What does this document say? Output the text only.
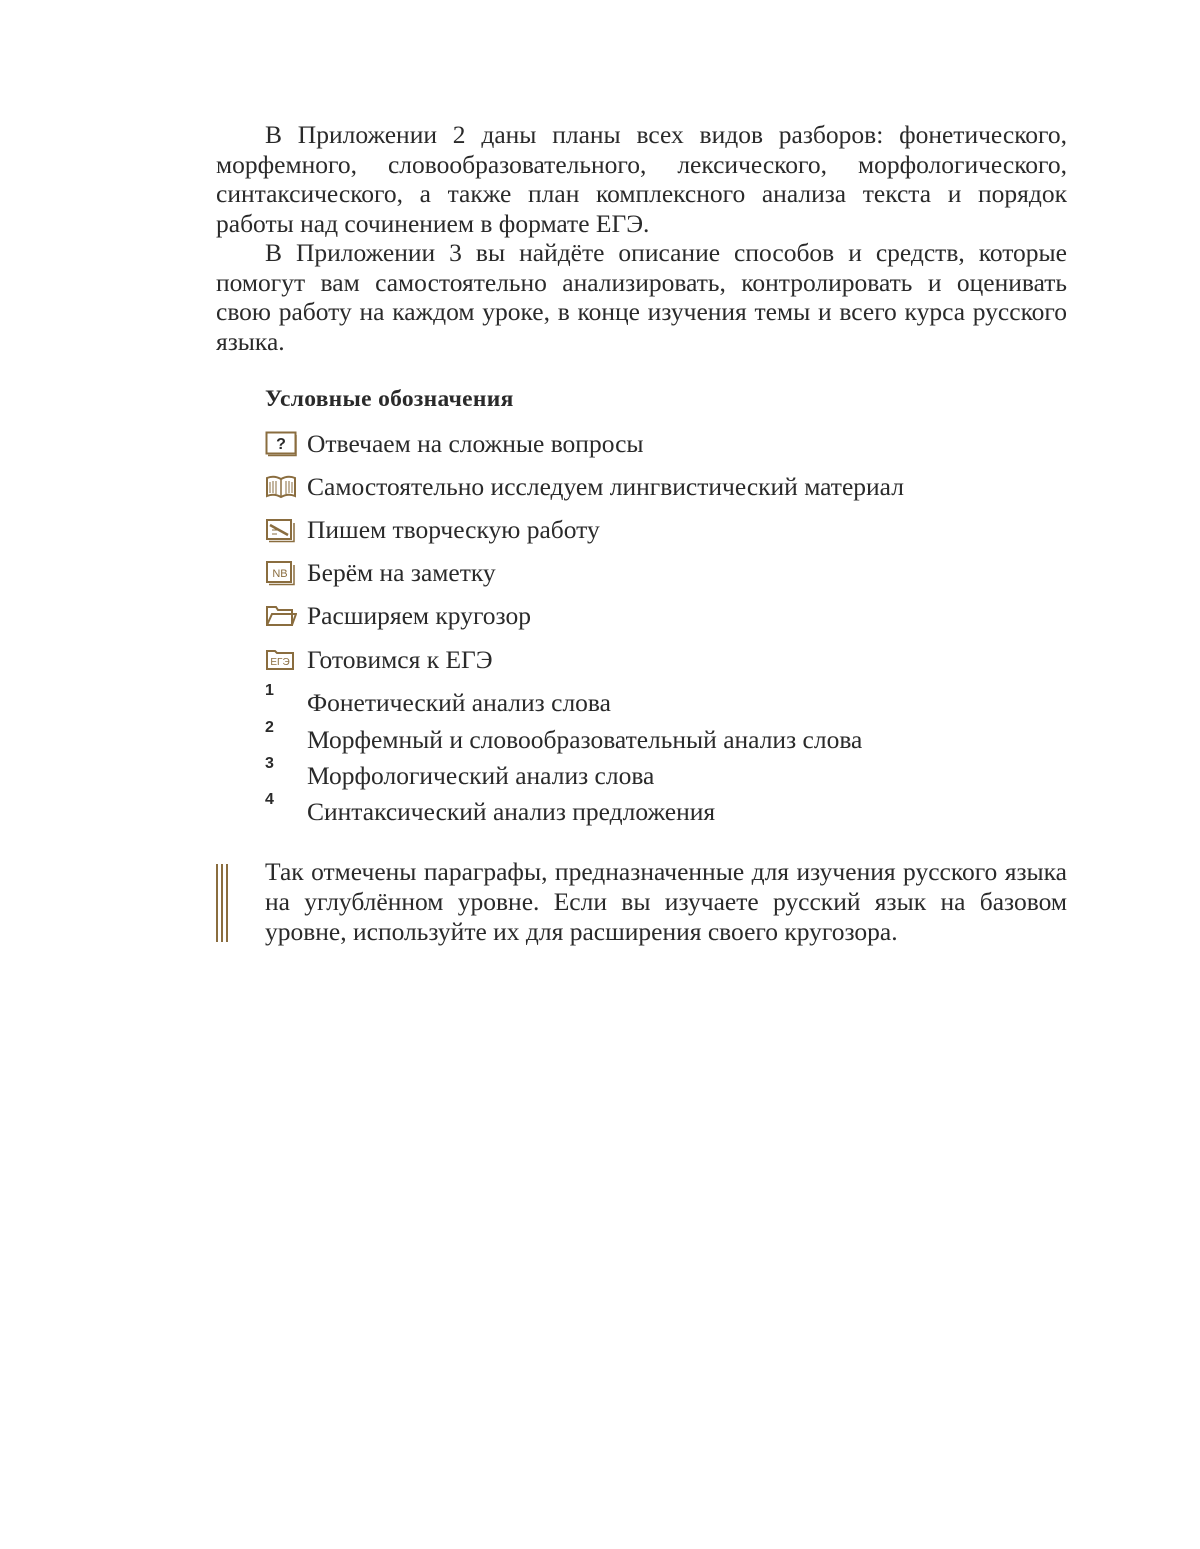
В Приложении 2 даны планы всех видов разборов: фонетического, морфемного, словообразовательного, лексического, морфологического, синтаксического, а также план комплексного анализа текста и порядок работы над сочинением в формате ЕГЭ.

В Приложении 3 вы найдёте описание способов и средств, которые помогут вам самостоятельно анализировать, контролировать и оценивать свою работу на каждом уроке, в конце изучения темы и всего курса русского языка.

Условные обозначения
? Отвечаем на сложные вопросы
Самостоятельно исследуем лингвистический материал
Пишем творческую работу
NB Берём на заметку
Расширяем кругозор
ЕГЭ Готовимся к ЕГЭ
1 Фонетический анализ слова
2 Морфемный и словообразовательный анализ слова
3 Морфологический анализ слова
4 Синтаксический анализ предложения

Так отмечены параграфы, предназначенные для изучения русского языка на углублённом уровне. Если вы изучаете русский язык на базовом уровне, используйте их для расширения своего кругозора.
